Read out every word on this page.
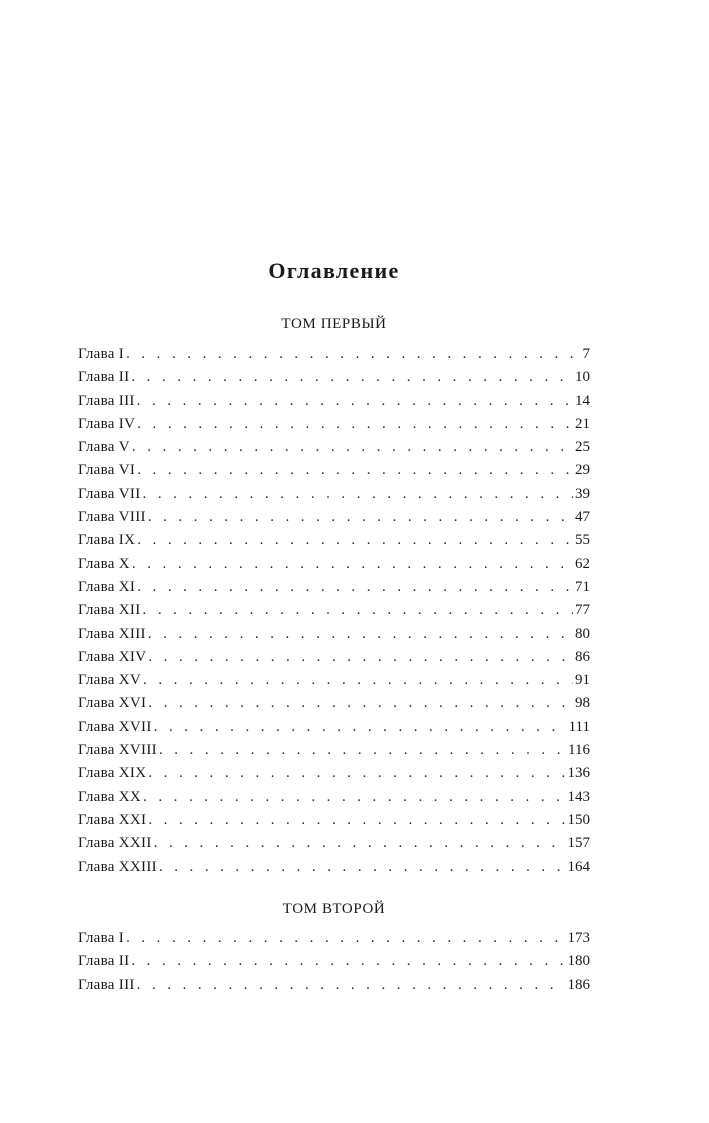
Оглавление
ТОМ ПЕРВЫЙ
Глава I . . .	7
Глава II . . .	10
Глава III . . .	14
Глава IV . . .	21
Глава V . . .	25
Глава VI . . .	29
Глава VII . . .	39
Глава VIII . . .	47
Глава IX . . .	55
Глава X . . .	62
Глава XI . . .	71
Глава XII . . .	77
Глава XIII . . .	80
Глава XIV . . .	86
Глава XV . . .	91
Глава XVI . . .	98
Глава XVII . . .	111
Глава XVIII . . .	116
Глава XIX . . .	136
Глава XX . . .	143
Глава XXI . . .	150
Глава XXII . . .	157
Глава XXIII . . .	164
ТОМ ВТОРОЙ
Глава I . . .	173
Глава II . . .	180
Глава III . . .	186
